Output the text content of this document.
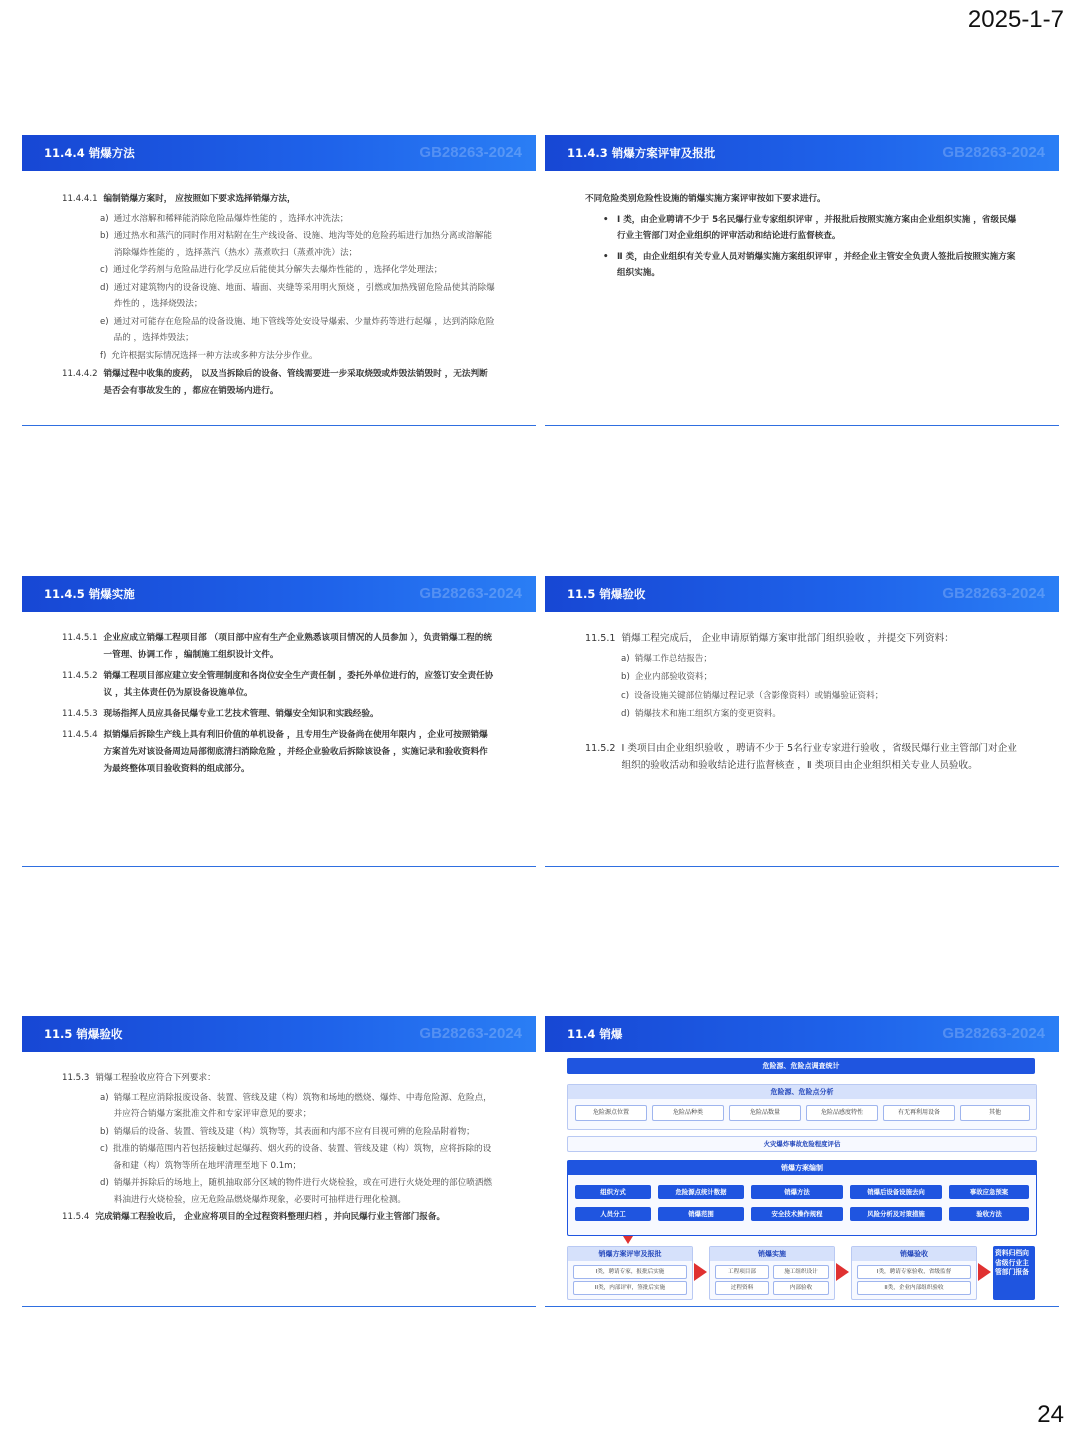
2025-1-7
11.4.4 销爆方法	GB28263-2024
11.4.4.1 编制销爆方案时， 应按照如下要求选择销爆方法，
a) 通过水溶解和稀释能消除危险品爆炸性能的 ，选择水冲洗法；
b) 通过热水和蒸汽的同时作用对粘附在生产线设备、设施、地沟等处的危险药垢进行加热分离或溶解能消除爆炸性能的 ，选择蒸汽（热水）蒸煮吹扫（蒸煮冲洗）法；
c) 通过化学药剂与危险品进行化学反应后能使其分解失去爆炸性能的 ，选择化学处理法；
d) 通过对建筑物内的设备设施、地面、墙面、夹缝等采用明火预烧 ，引燃或加热残留危险品使其消除爆炸性的 ，选择烧毁法；
e) 通过对可能存在危险品的设备设施、地下管线等处安设导爆索、少量炸药等进行起爆 ，达到消除危险品的 ，选择炸毁法；
f) 允许根据实际情况选择一种方法或多种方法分步作业。
11.4.4.2 销爆过程中收集的废药， 以及当拆除后的设备、管线需要进一步采取烧毁或炸毁法销毁时 ，无法判断是否会有事故发生的 ，都应在销毁场内进行。
11.4.3 销爆方案评审及报批	GB28263-2024
不同危险类别危险性设施的销爆实施方案评审按如下要求进行。
• Ⅰ 类，由企业聘请不少于 5名民爆行业专家组织评审 ，并报批后按照实施方案由企业组织实施 ，省级民爆行业主管部门对企业组织的评审活动和结论进行监督核查。
• Ⅱ 类，由企业组织有关专业人员对销爆实施方案组织评审 ，并经企业主管安全负责人签批后按照实施方案组织实施。
11.4.5 销爆实施	GB28263-2024
11.4.5.1 企业应成立销爆工程项目部 （项目部中应有生产企业熟悉该项目情况的人员参加 ），负责销爆工程的统一管理、协调工作 ，编制施工组织设计文件。
11.4.5.2 销爆工程项目部应建立安全管理制度和各岗位安全生产责任制 ，委托外单位进行的，应签订安全责任协议 ，其主体责任仍为原设备设施单位。
11.4.5.3 现场指挥人员应具备民爆专业工艺技术管理、销爆安全知识和实践经验。
11.4.5.4 拟销爆后拆除生产线上具有利旧价值的单机设备 ，且专用生产设备尚在使用年限内 ，企业可按照销爆方案首先对该设备周边局部彻底清扫消除危险 ，并经企业验收后拆除该设备 ，实施记录和验收资料作为最终整体项目验收资料的组成部分。
11.5 销爆验收	GB28263-2024
11.5.1 销爆工程完成后， 企业申请原销爆方案审批部门组织验收 ，并提交下列资料：
a) 销爆工作总结报告；
b) 企业内部验收资料；
c) 设备设施关键部位销爆过程记录（含影像资料）或销爆验证资料；
d) 销爆技术和施工组织方案的变更资料。
11.5.2 Ⅰ 类项目由企业组织验收 ，聘请不少于 5名行业专家进行验收 ，省级民爆行业主管部门对企业组织的验收活动和验收结论进行监督核查 ，Ⅱ 类项目由企业组织相关专业人员验收。
11.5 销爆验收	GB28263-2024
11.5.3 销爆工程验收应符合下列要求：
a) 销爆工程应消除报废设备、装置、管线及建（构）筑物和场地的燃烧、爆炸、中毒危险源、危险点，并应符合销爆方案批准文件和专家评审意见的要求；
b) 销爆后的设备、装置、管线及建（构）筑物等，其表面和内部不应有目视可辨的危险品附着物；
c) 批准的销爆范围内若包括接触过起爆药、烟火药的设备、装置、管线及建（构）筑物，应将拆除的设备和建（构）筑物等所在地坪清理至地下 0.1m；
d) 销爆并拆除后的场地上，随机抽取部分区域的物件进行火烧检验，或在可进行火烧处理的部位喷洒燃料油进行火烧检验，应无危险品燃烧爆炸现象，必要时可抽样进行理化检测。
11.5.4 完成销爆工程验收后， 企业应将项目的全过程资料整理归档 ，并向民爆行业主管部门报备。
11.4 销爆	GB28263-2024
危险源、危险点调查统计
危险源、危险点分析
危险源点位置	危险品种类	危险品数量	危险品感度特性	有无再利用设备	其他
火灾爆炸事故危险程度评估
销爆方案编制
组织方式	危险源点统计数据	销爆方法	销爆后设备设施去向	事故应急预案
人员分工	销爆范围	安全技术操作规程	风险分析及对策措施	验收方法
销爆方案评审及报批
I类，聘请专家，报批后实施
II类，内部评审，签批后实施
销爆实施
工程项目部	施工组织设计
过程资料	内部验收
销爆验收
I类，聘请专家验收，省级监督
II类，企业内部组织验收
资料归档向省级行业主管部门报备
24
